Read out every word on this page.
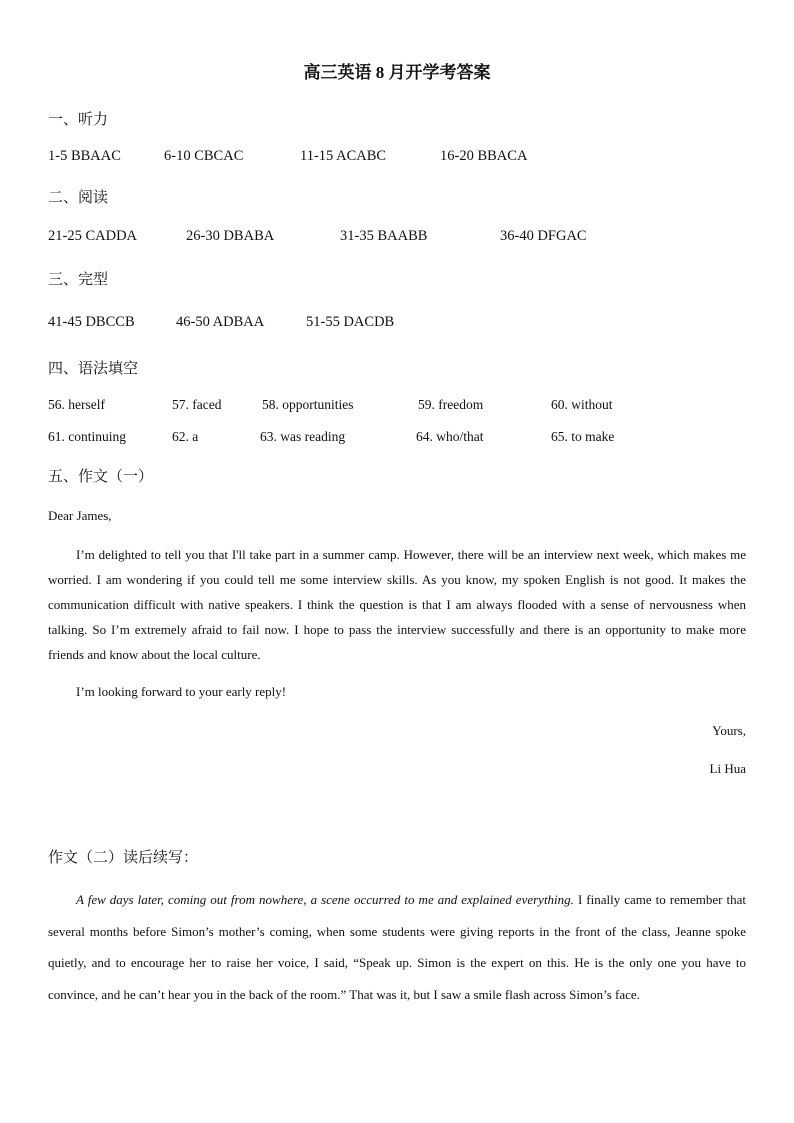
高三英语 8 月开学考答案
一、听力
1-5 BBAAC	6-10 CBCAC	11-15 ACABC	16-20 BBACA
二、阅读
21-25 CADDA	26-30 DBABA	31-35 BAABB	36-40 DFGAC
三、完型
41-45 DBCCB	46-50 ADBAA	51-55 DACDB
四、语法填空
56. herself	57. faced	58. opportunities	59. freedom	60. without
61. continuing	62. a	63. was reading	64. who/that	65. to make
五、作文（一）
Dear James,
I’m delighted to tell you that I'll take part in a summer camp. However, there will be an interview next week, which makes me worried. I am wondering if you could tell me some interview skills. As you know, my spoken English is not good. It makes the communication difficult with native speakers. I think the question is that I am always flooded with a sense of nervousness when talking. So I’m extremely afraid to fail now. I hope to pass the interview successfully and there is an opportunity to make more friends and know about the local culture.
I’m looking forward to your early reply!
Yours,
Li Hua
作文（二）读后续写：
A few days later, coming out from nowhere, a scene occurred to me and explained everything. I finally came to remember that several months before Simon’s mother’s coming, when some students were giving reports in the front of the class, Jeanne spoke quietly, and to encourage her to raise her voice, I said, “Speak up. Simon is the expert on this. He is the only one you have to convince, and he can’t hear you in the back of the room.” That was it, but I saw a smile flash across Simon’s face.
